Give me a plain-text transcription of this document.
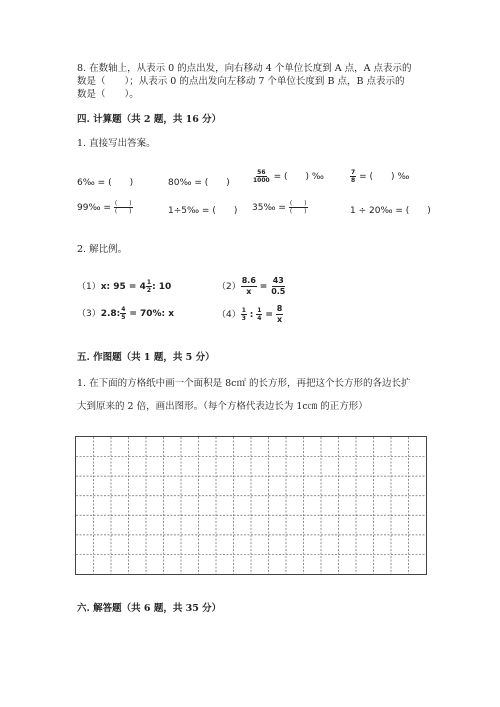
8. 在数轴上，从表示 0 的点出发，向右移动 4 个单位长度到 A 点，A 点表示的
数是（　　）；从表示 0 的点出发向左移动 7 个单位长度到 B 点，B 点表示的
数是（　　）。
四. 计算题（共 2 题，共 16 分）
1. 直接写出答案。
6‰ = (　　)	80‰ = (　　)	$\frac{56}{1000}$ = (　　) ‰	$\frac{7}{8}$ = (　　) ‰
99‰ = $\frac{( )}{( )}$	1÷5‰ = (　　) 35‰ = $\frac{( )}{( )}$	1 ÷ 20‰ = (　　)
2. 解比例。
（1）x: $95 = 4 \frac{1}{2}$ : 10	$(2) \frac{8.6}{x} = \frac{43}{0.5}$
（3）2.8: $\frac{4}{5} = 70\%$: x	$(4) \frac{1}{3}$ : $\frac{1}{4} = \frac{8}{x}$
五. 作图题（共 1 题，共 5 分）
1. 在下面的方格纸中画一个面积是 8c㎡ 的长方形，再把这个长方形的各边长扩
大到原来的 2 倍，画出图形。（每个方格代表边长为 1c㎝ 的正方形）
六. 解答题（共 6 题，共 35 分）
